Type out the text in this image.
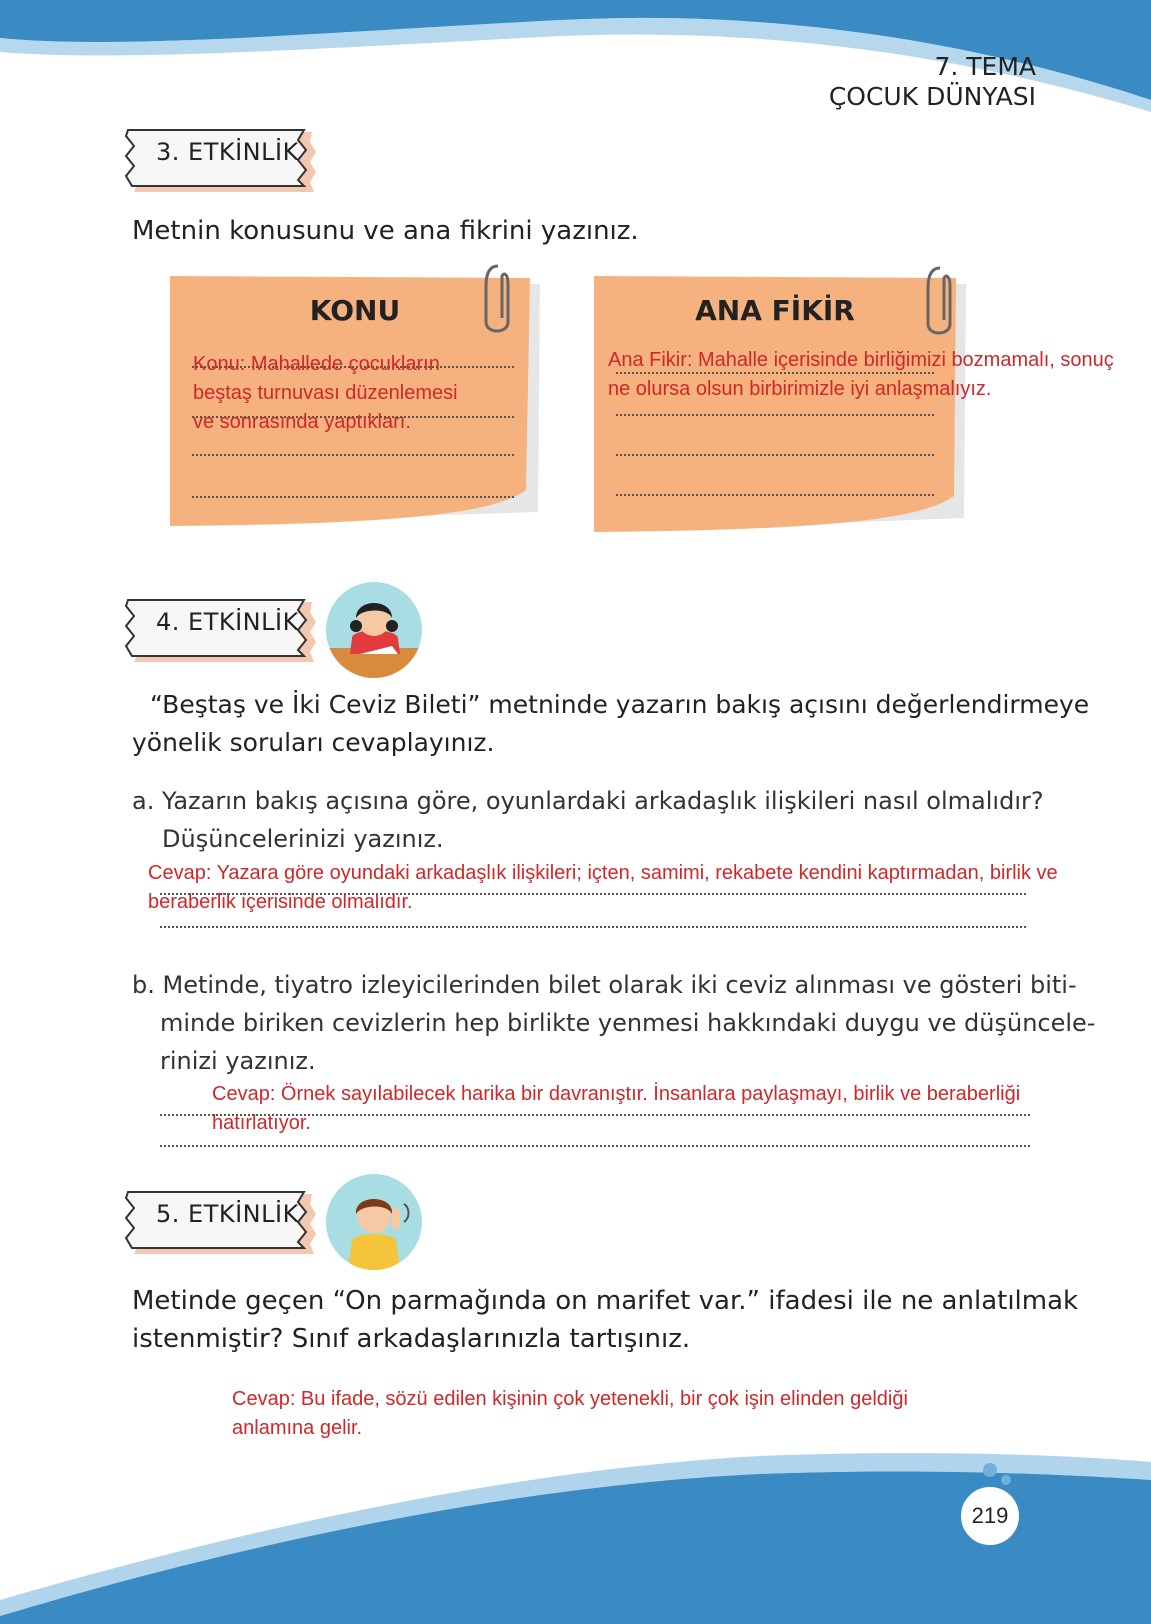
7. TEMA
ÇOCUK DÜNYASI
3. ETKİNLİK
Metnin konusunu ve ana fikrini yazınız.
KONU
Konu: Mahallede çocukların beştaş turnuvası düzenlemesi ve sonrasında yaptıkları.
ANA FİKİR
Ana Fikir: Mahalle içerisinde birliğimizi bozmamalı, sonuç ne olursa olsun birbirimizle iyi anlaşmalıyız.
4. ETKİNLİK
“Beştaş ve İki Ceviz Bileti” metninde yazarın bakış açısını değerlendirmeye
yönelik soruları cevaplayınız.
a. Yazarın bakış açısına göre, oyunlardaki arkadaşlık ilişkileri nasıl olmalıdır?
Düşüncelerinizi yazınız.
Cevap: Yazara göre oyundaki arkadaşlık ilişkileri; içten, samimi, rekabete kendini kaptırmadan, birlik ve beraberlik içerisinde olmalıdır.
b. Metinde, tiyatro izleyicilerinden bilet olarak iki ceviz alınması ve gösteri biti-
minde biriken cevizlerin hep birlikte yenmesi hakkındaki duygu ve düşüncele-
rinizi yazınız.
Cevap: Örnek sayılabilecek harika bir davranıştır. İnsanlara paylaşmayı, birlik ve beraberliği hatırlatıyor.
5. ETKİNLİK
Metinde geçen “On parmağında on marifet var.” ifadesi ile ne anlatılmak
istenmiştir? Sınıf arkadaşlarınızla tartışınız.
Cevap: Bu ifade, sözü edilen kişinin çok yetenekli, bir çok işin elinden geldiği anlamına gelir.
219
